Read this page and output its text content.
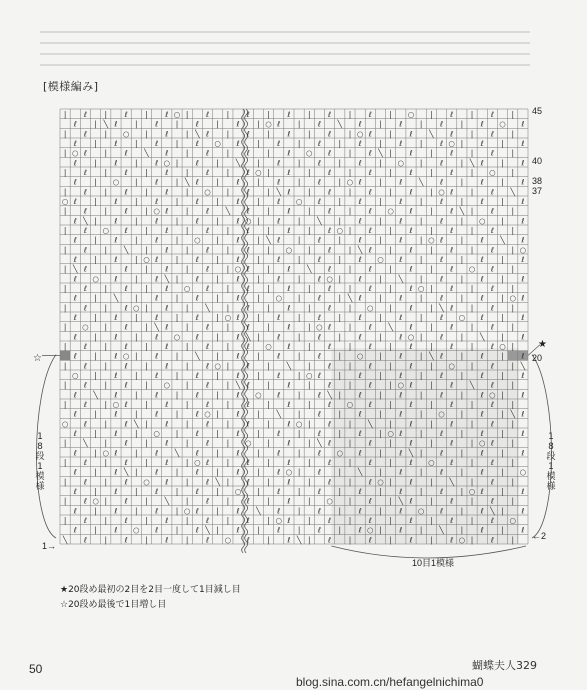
[模様編み]
| ℓ | ℓ | ℓ ○ | ℓ | ℓ | ℓ | ℓ | ℓ | ○ | ℓ | ℓ |
ℓ | ╲ ℓ | ℓ | ℓ | ℓ | ○ ℓ | ℓ ╲ ℓ | ℓ | ℓ | ℓ ○ ℓ
| ℓ | ○ | ℓ | ╲ ℓ | ℓ | ℓ | ℓ | ○ ℓ | ℓ ╲ ℓ | ℓ |
ℓ | ℓ | ℓ | ℓ ○ ℓ | ℓ | ℓ | ℓ | ℓ | ℓ ○ | ℓ | ℓ
| ○ ℓ | ℓ ╲ ℓ | ℓ | ℓ | ℓ ○ ℓ | ℓ ╲ | ℓ | ℓ | ℓ |
ℓ | ℓ | ℓ ○ | ℓ | ╲ | ℓ | ℓ | ℓ | ○ | ℓ | ╲ ℓ | ℓ
| ℓ | ℓ | ℓ | ℓ | ℓ ○ | ℓ | ℓ | ℓ | ℓ | ℓ | ○ |
ℓ | ○ | ℓ | ╲ ℓ | ℓ | ℓ | ℓ | ○ ℓ | ℓ ╲ ℓ | ℓ | ℓ
| ℓ | ℓ | ℓ | ○ | ℓ | ╲ ℓ | ℓ | ℓ | ℓ | ○ ℓ | ℓ ╲
○ ℓ | ℓ | ℓ | ℓ | ℓ | ℓ ○ ℓ | ℓ | ℓ | ℓ | ℓ | ℓ
| ℓ | ℓ | ○ ℓ | ℓ ╲ ℓ | ℓ | ℓ | ℓ ○ ℓ | ℓ ╲ | ℓ |
ℓ ╲ | ℓ | ℓ | ℓ | ℓ ○ | ℓ | ╲ | ℓ | ℓ | ℓ | ○ | ℓ
| ℓ ○ ℓ | ℓ | ℓ | ℓ | ℓ | ℓ ○ | ℓ | ℓ | ℓ | ℓ |
ℓ | ℓ | ℓ | ○ | ℓ | ╲ ℓ | ℓ | ℓ | ℓ | ○ ℓ | ℓ ╲ ℓ
| ℓ | ╲ | ℓ | ℓ | ℓ | ○ | ℓ | ╲ ℓ | ℓ | ℓ | ℓ | ○
ℓ | ℓ | ○ ℓ | ℓ | ℓ | ℓ | ℓ | ℓ ○ ℓ | ℓ | ℓ | ℓ
| ╲ ℓ | ℓ | ℓ | ℓ | ○ ℓ | ℓ ╲ ℓ | ℓ | ℓ | ℓ ○ ℓ |
ℓ ○ ℓ | ℓ ╲ | ℓ | ℓ | ℓ | ℓ ○ | ℓ | ╲ | ℓ | ℓ | ℓ
| ℓ | ℓ | ℓ ○ ℓ | ℓ | ℓ | ℓ | ℓ | ℓ ○ | ℓ | ℓ |
ℓ | ╲ | ℓ | ℓ | ℓ | ○ | ℓ | ╲ ℓ | ℓ | ℓ | ℓ | ○ ℓ
| ℓ | ℓ ○ | ℓ | ╲ | ℓ | ℓ | ℓ | ○ | ℓ | ╲ ℓ | ℓ |
ℓ | ℓ | ℓ | ℓ | ○ ℓ | ℓ | ℓ | ℓ | ℓ | ℓ ○ ℓ | ℓ
| ○ | ℓ | ╲ ℓ | ℓ | ℓ | ℓ | ○ ℓ | ℓ ╲ ℓ | ℓ | ℓ |
ℓ | ℓ | ℓ ○ ℓ | ℓ ╲ | ℓ | ℓ | ℓ | ℓ ○ | ℓ | ╲ | ℓ
| ℓ | ℓ | ℓ | ℓ | ℓ ○ ℓ | ℓ | ℓ | ℓ | ℓ | ℓ ○ |
ℓ | ℓ ○ | ℓ | ╲ | ℓ | ℓ | ℓ | ○ | ℓ | ╲ ℓ | ℓ | ℓ
| ℓ | ℓ | ℓ | ℓ ○ | ℓ | ╲ | ℓ | ℓ | ℓ | ○ | ℓ | ╲
○ | ℓ | ℓ | ℓ | ℓ | ℓ | ○ ℓ | ℓ | ℓ | ℓ | ℓ | ℓ
| ℓ | ℓ | ○ | ℓ | ╲ ℓ | ℓ | ℓ | ℓ | ○ ℓ | ℓ ╲ ℓ |
ℓ ╲ ℓ | ℓ | ℓ | ℓ ○ ℓ | ℓ ╲ | ℓ | ℓ | ℓ | ℓ ○ | ℓ
| ℓ | ○ ℓ | ℓ | ℓ | ℓ | ℓ | ℓ ○ ℓ | ℓ | ℓ | ℓ |
ℓ | ℓ | ℓ | ℓ ○ | ℓ | ╲ | ℓ | ℓ | ℓ | ○ | ℓ | ╲ ℓ
○ ℓ | ℓ ╲ | ℓ | ℓ | ℓ | ℓ ○ | ℓ | ╲ | ℓ | ℓ | ℓ |
ℓ | ℓ | ○ | ℓ | ℓ | ℓ | ℓ | ℓ | ○ ℓ | ℓ | ℓ | ℓ
| ╲ | ℓ | ℓ | ℓ | ○ | ℓ | ╲ ℓ | ℓ | ℓ | ℓ | ○ ℓ |
ℓ | ○ ℓ | ℓ ╲ ℓ | ℓ | ℓ | ℓ ○ ℓ | ℓ ╲ | ℓ | ℓ | ℓ
| ℓ | ℓ | ℓ | ○ ℓ | ℓ | ℓ | ℓ | ℓ | ℓ ○ ℓ | ℓ |
ℓ | ℓ ╲ | ℓ | ℓ | ℓ | ℓ ○ | ℓ | ╲ | ℓ | ℓ | ℓ | ○
| ℓ | ℓ ○ ℓ | ℓ ╲ | ℓ | ℓ | ℓ | ℓ ○ | ℓ | ╲ | ℓ |
ℓ | ℓ | ℓ | ℓ | ○ | ℓ | ℓ | ℓ | ℓ | ℓ | ○ ℓ | ℓ
| ℓ ○ | ℓ | ╲ | ℓ | ℓ | ℓ | ○ | ℓ | ╲ ℓ | ℓ | ℓ |
ℓ | ℓ | ℓ | ○ ℓ | ℓ ╲ ℓ | ℓ | ℓ | ℓ ○ ℓ | ℓ ╲ | ℓ
| ℓ | ℓ | ℓ | ℓ | ℓ | ○ ℓ | ℓ | ℓ | ℓ | ℓ | ℓ ○
ℓ | ℓ ○ ℓ | ℓ ╲ | ℓ | ℓ | ℓ | ℓ ○ | ℓ | ╲ | ℓ | ℓ
╲ ℓ | ℓ | ℓ | ℓ ○ ℓ | ℓ ╲ | ℓ | ℓ | ℓ | ℓ ○ | ℓ |
45
40
38
37
20
←2
1→
☆
★
1
8
段
1
模
様
1
8
段
1
模
様
10目1模様
★20段め最初の2目を2目一度して1目減し目
☆20段め最後で1目増し目
50	蝴蝶夫人329
blog.sina.com.cn/hefangelnichima0
